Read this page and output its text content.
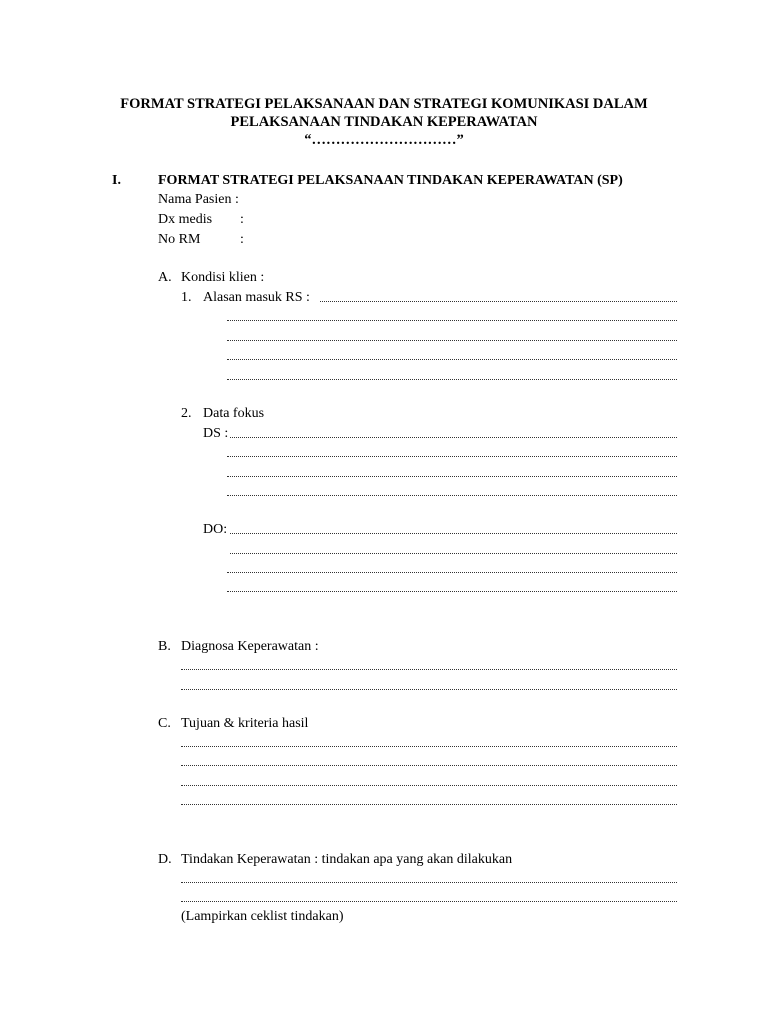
FORMAT STRATEGI PELAKSANAAN DAN STRATEGI KOMUNIKASI DALAM
PELAKSANAAN TINDAKAN KEPERAWATAN
“…………………………”
I.	FORMAT STRATEGI PELAKSANAAN TINDAKAN KEPERAWATAN (SP)
Nama Pasien :
Dx medis :
No RM	:
A. Kondisi klien :
1. Alasan masuk RS :
2. Data fokus
DS :
DO:
B. Diagnosa Keperawatan :
C. Tujuan & kriteria hasil
D. Tindakan Keperawatan : tindakan apa yang akan dilakukan
(Lampirkan ceklist tindakan)
